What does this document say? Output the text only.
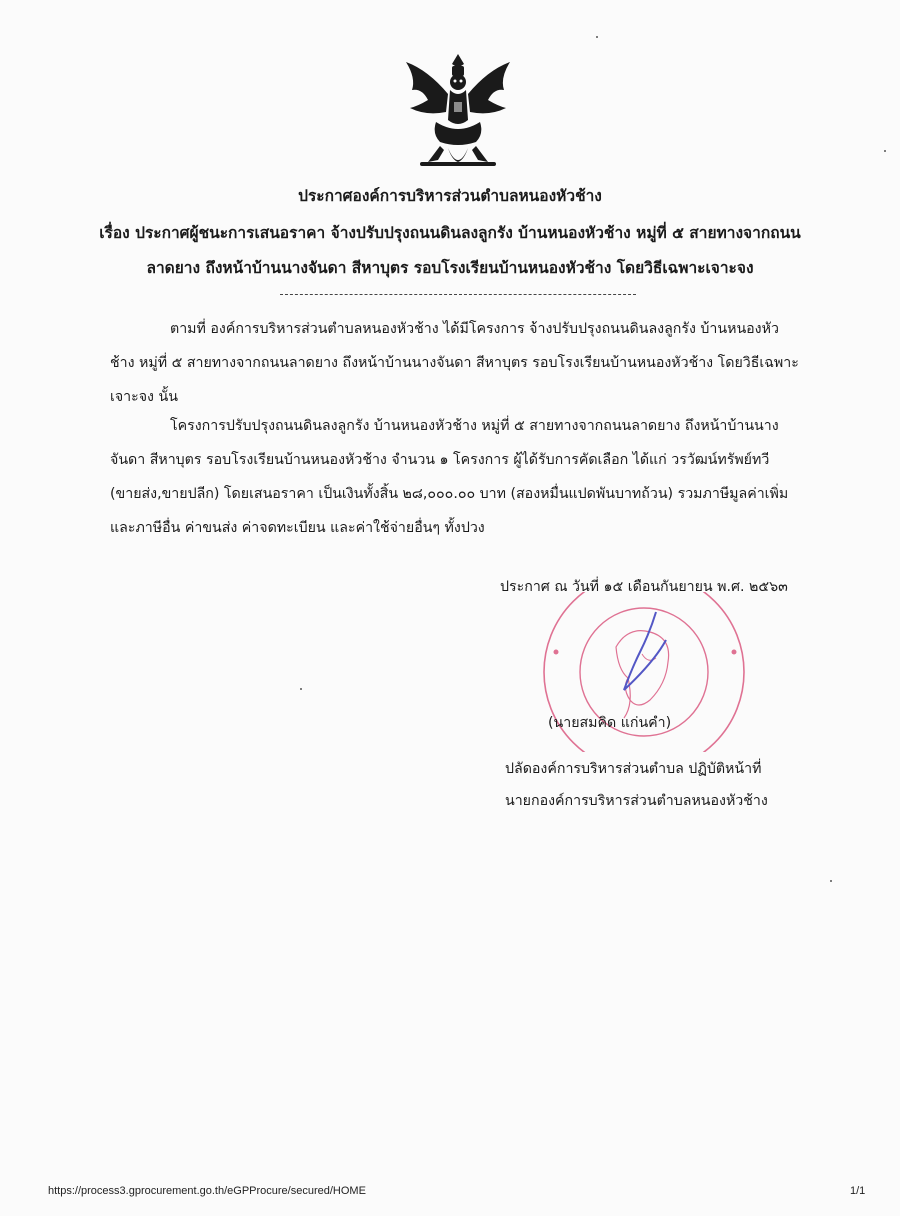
ประกาศองค์การบริหารส่วนตำบลหนองหัวช้าง
เรื่อง ประกาศผู้ชนะการเสนอราคา จ้างปรับปรุงถนนดินลงลูกรัง บ้านหนองหัวช้าง หมู่ที่ ๕ สายทางจากถนน
ลาดยาง ถึงหน้าบ้านนางจันดา สีหาบุตร รอบโรงเรียนบ้านหนองหัวช้าง โดยวิธีเฉพาะเจาะจง
ตามที่ องค์การบริหารส่วนตำบลหนองหัวช้าง ได้มีโครงการ จ้างปรับปรุงถนนดินลงลูกรัง บ้านหนองหัว
ช้าง หมู่ที่ ๕ สายทางจากถนนลาดยาง ถึงหน้าบ้านนางจันดา สีหาบุตร รอบโรงเรียนบ้านหนองหัวช้าง โดยวิธีเฉพาะ
เจาะจง นั้น
โครงการปรับปรุงถนนดินลงลูกรัง บ้านหนองหัวช้าง หมู่ที่ ๕ สายทางจากถนนลาดยาง ถึงหน้าบ้านนาง
จันดา สีหาบุตร รอบโรงเรียนบ้านหนองหัวช้าง จำนวน ๑ โครงการ ผู้ได้รับการคัดเลือก ได้แก่ วรวัฒน์ทรัพย์ทวี
(ขายส่ง,ขายปลีก) โดยเสนอราคา เป็นเงินทั้งสิ้น ๒๘,๐๐๐.๐๐ บาท (สองหมื่นแปดพันบาทถ้วน) รวมภาษีมูลค่าเพิ่ม
และภาษีอื่น ค่าขนส่ง ค่าจดทะเบียน และค่าใช้จ่ายอื่นๆ ทั้งปวง
ประกาศ ณ วันที่ ๑๕ เดือนกันยายน พ.ศ. ๒๕๖๓
(นายสมคิด แก่นคำ)
ปลัดองค์การบริหารส่วนตำบล ปฏิบัติหน้าที่
นายกองค์การบริหารส่วนตำบลหนองหัวช้าง
https://process3.gprocurement.go.th/eGPProcure/secured/HOME	1/1
